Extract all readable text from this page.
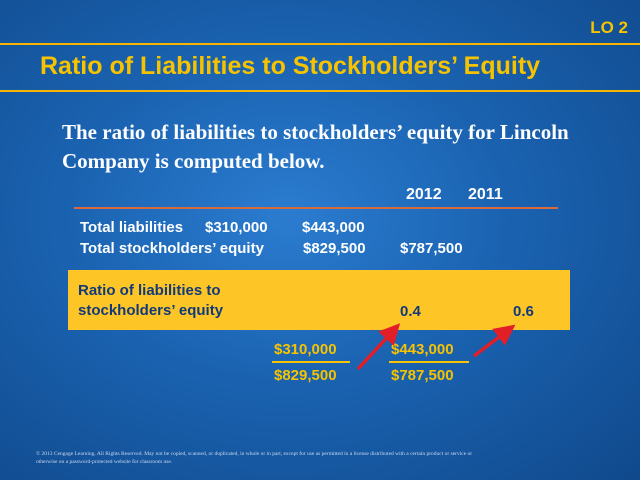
LO 2
Ratio of Liabilities to Stockholders’ Equity
The ratio of liabilities to stockholders’ equity for Lincoln Company is computed below.
2012 2011
Total liabilities $310,000 $443,000
Total stockholders’ equity	$829,500 $787,500
Ratio of liabilities to
stockholders’ equity	0.4	0.6
$310,000
$829,500
$443,000
$787,500
© 2013 Cengage Learning. All Rights Reserved. May not be copied, scanned, or duplicated, in whole or in part, except for use as permitted in a license distributed with a certain product or service or otherwise on a password-protected website for classroom use.
